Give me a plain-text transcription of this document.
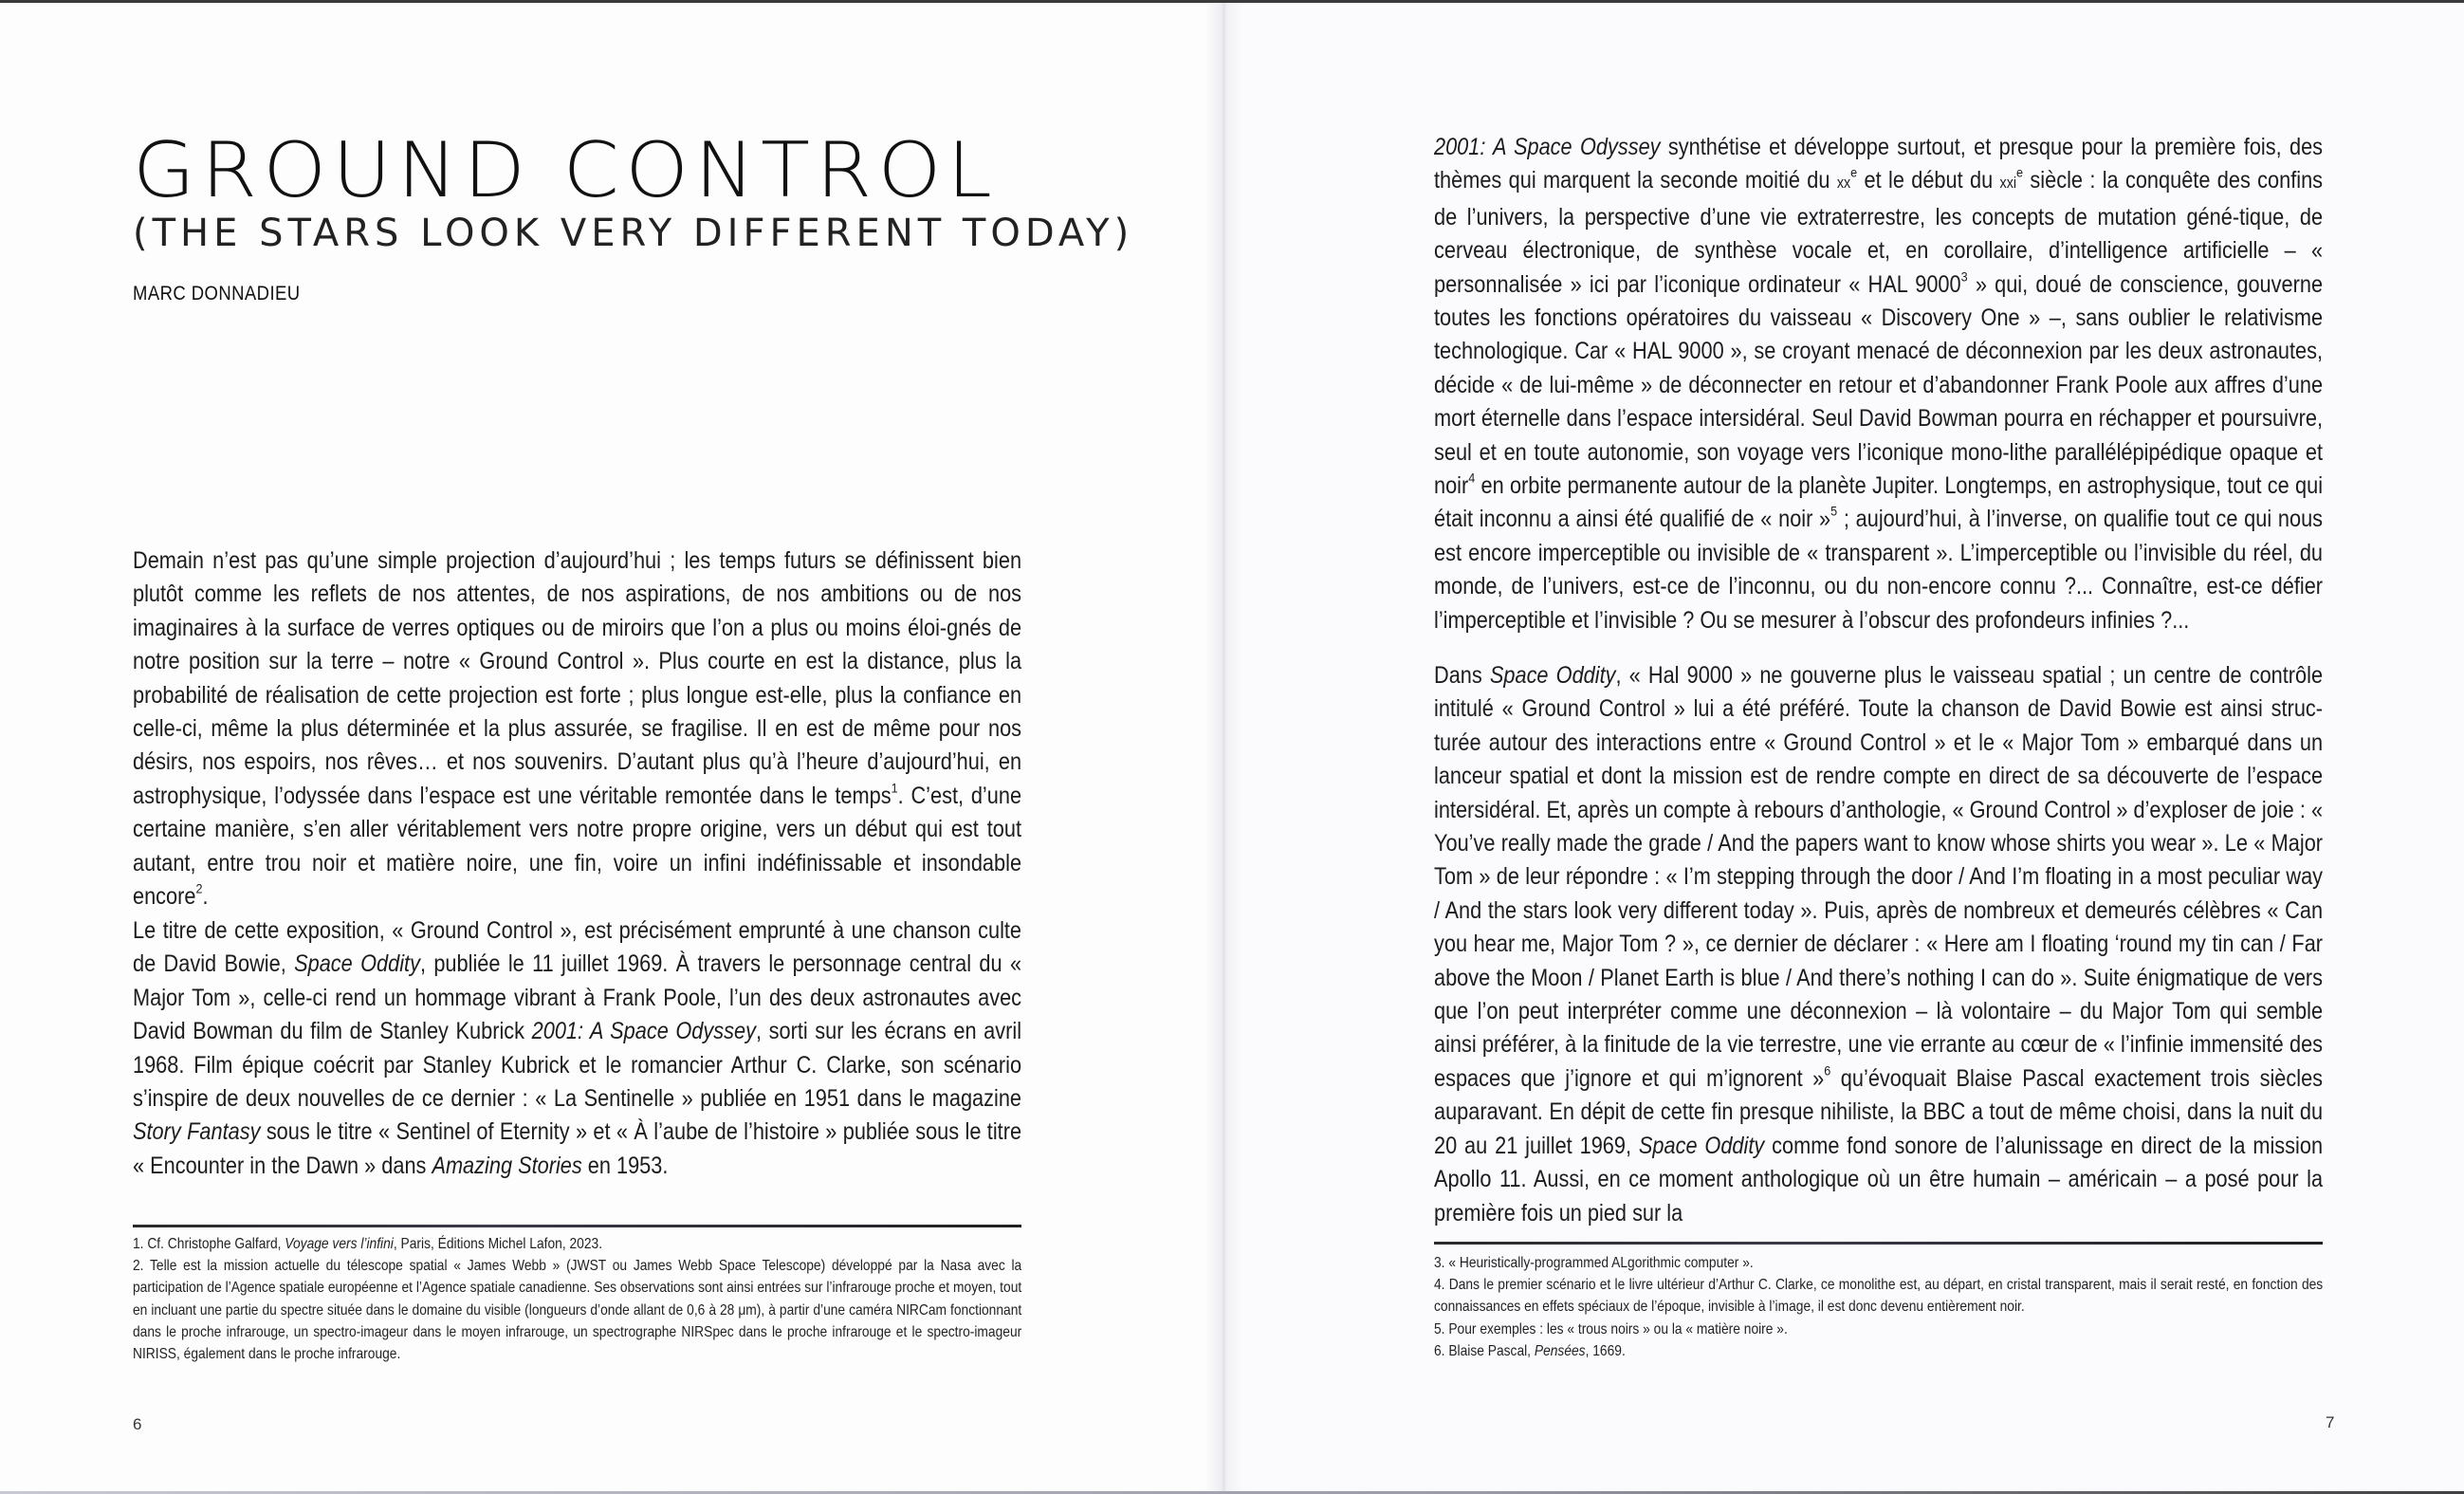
GROUND CONTROL
(THE STARS LOOK VERY DIFFERENT TODAY)
MARC DONNADIEU

Demain n’est pas qu’une simple projection d’aujourd’hui ; les temps futurs se définissent bien plutôt comme les reflets de nos attentes, de nos aspirations, de nos ambitions ou de nos imaginaires à la surface de verres optiques ou de miroirs que l’on a plus ou moins éloi-gnés de notre position sur la terre – notre « Ground Control ». Plus courte en est la distance, plus la probabilité de réalisation de cette projection est forte ; plus longue est-elle, plus la confiance en celle-ci, même la plus déterminée et la plus assurée, se fragilise. Il en est de même pour nos désirs, nos espoirs, nos rêves… et nos souvenirs. D’autant plus qu’à l’heure d’aujourd’hui, en astrophysique, l’odyssée dans l’espace est une véritable remontée dans le temps$^1$. C’est, d’une certaine manière, s’en aller véritablement vers notre propre origine, vers un début qui est tout autant, entre trou noir et matière noire, une fin, voire un infini indéfinissable et insondable encore$^2$.

Le titre de cette exposition, « Ground Control », est précisément emprunté à une chanson culte de David Bowie, Space Oddity, publiée le 11 juillet 1969. À travers le personnage central du « Major Tom », celle-ci rend un hommage vibrant à Frank Poole, l’un des deux astronautes avec David Bowman du film de Stanley Kubrick 2001: A Space Odyssey, sorti sur les écrans en avril 1968. Film épique coécrit par Stanley Kubrick et le romancier Arthur C. Clarke, son scénario s’inspire de deux nouvelles de ce dernier : « La Sentinelle » publiée en 1951 dans le magazine Story Fantasy sous le titre « Sentinel of Eternity » et « À l’aube de l’histoire » publiée sous le titre « Encounter in the Dawn » dans Amazing Stories en 1953.

1. Cf. Christophe Galfard, Voyage vers l’infini, Paris, Éditions Michel Lafon, 2023.

2. Telle est la mission actuelle du télescope spatial « James Webb » (JWST ou James Webb Space Telescope) développé par la Nasa avec la participation de l’Agence spatiale européenne et l’Agence spatiale canadienne. Ses observations sont ainsi entrées sur l’infrarouge proche et moyen, tout en incluant une partie du spectre située dans le domaine du visible (longueurs d’onde allant de 0,6 à 28 μm), à partir d’une caméra NIRCam fonctionnant dans le proche infrarouge, un spectro-imageur dans le moyen infrarouge, un spectrographe NIRSpec dans le proche infrarouge et le spectro-imageur NIRISS, également dans le proche infrarouge.

6

2001: A Space Odyssey synthétise et développe surtout, et presque pour la première fois, des thèmes qui marquent la seconde moitié du $xx^e$ et le début du xxi$^e$ siècle : la conquête des confins de l’univers, la perspective d’une vie extraterrestre, les concepts de mutation géné-tique, de cerveau électronique, de synthèse vocale et, en corollaire, d’intelligence artificielle – « personnalisée » ici par l’iconique ordinateur « HAL 9000$^3$ » qui, doué de conscience, gouverne toutes les fonctions opératoires du vaisseau « Discovery One » –, sans oublier le relativisme technologique. Car « HAL 9000 », se croyant menacé de déconnexion par les deux astronautes, décide « de lui-même » de déconnecter en retour et d’abandonner Frank Poole aux affres d’une mort éternelle dans l’espace intersidéral. Seul David Bowman pourra en réchapper et poursuivre, seul et en toute autonomie, son voyage vers l’iconique mono-lithe parallélépipédique opaque et noir$^4$ en orbite permanente autour de la planète Jupiter. Longtemps, en astrophysique, tout ce qui était inconnu a ainsi été qualifié de « noir »$^5$ ; aujourd’hui, à l’inverse, on qualifie tout ce qui nous est encore imperceptible ou invisible de « transparent ». L’imperceptible ou l’invisible du réel, du monde, de l’univers, est-ce de l’inconnu, ou du non-encore connu ?... Connaître, est-ce défier l’imperceptible et l’invisible ? Ou se mesurer à l’obscur des profondeurs infinies ?...

Dans Space Oddity, « Hal 9000 » ne gouverne plus le vaisseau spatial ; un centre de contrôle intitulé « Ground Control » lui a été préféré. Toute la chanson de David Bowie est ainsi struc-turée autour des interactions entre « Ground Control » et le « Major Tom » embarqué dans un lanceur spatial et dont la mission est de rendre compte en direct de sa découverte de l’espace intersidéral. Et, après un compte à rebours d’anthologie, « Ground Control » d’exploser de joie : « You’ve really made the grade / And the papers want to know whose shirts you wear ». Le « Major Tom » de leur répondre : « I’m stepping through the door / And I’m floating in a most peculiar way / And the stars look very different today ». Puis, après de nombreux et demeurés célèbres « Can you hear me, Major Tom ? », ce dernier de déclarer : « Here am I floating ‘round my tin can / Far above the Moon / Planet Earth is blue / And there’s nothing I can do ». Suite énigmatique de vers que l’on peut interpréter comme une déconnexion – là volontaire – du Major Tom qui semble ainsi préférer, à la finitude de la vie terrestre, une vie errante au cœur de « l’infinie immensité des espaces que j’ignore et qui m’ignorent »$^6$ qu’évoquait Blaise Pascal exactement trois siècles auparavant. En dépit de cette fin presque nihiliste, la BBC a tout de même choisi, dans la nuit du 20 au 21 juillet 1969, Space Oddity comme fond sonore de l’alunissage en direct de la mission Apollo 11. Aussi, en ce moment anthologique où un être humain – américain – a posé pour la première fois un pied sur la

3. « Heuristically-programmed ALgorithmic computer ».

4. Dans le premier scénario et le livre ultérieur d’Arthur C. Clarke, ce monolithe est, au départ, en cristal transparent, mais il serait resté, en fonction des connaissances en effets spéciaux de l’époque, invisible à l’image, il est donc devenu entièrement noir.

5. Pour exemples : les « trous noirs » ou la « matière noire ».

6. Blaise Pascal, Pensées, 1669.

7
